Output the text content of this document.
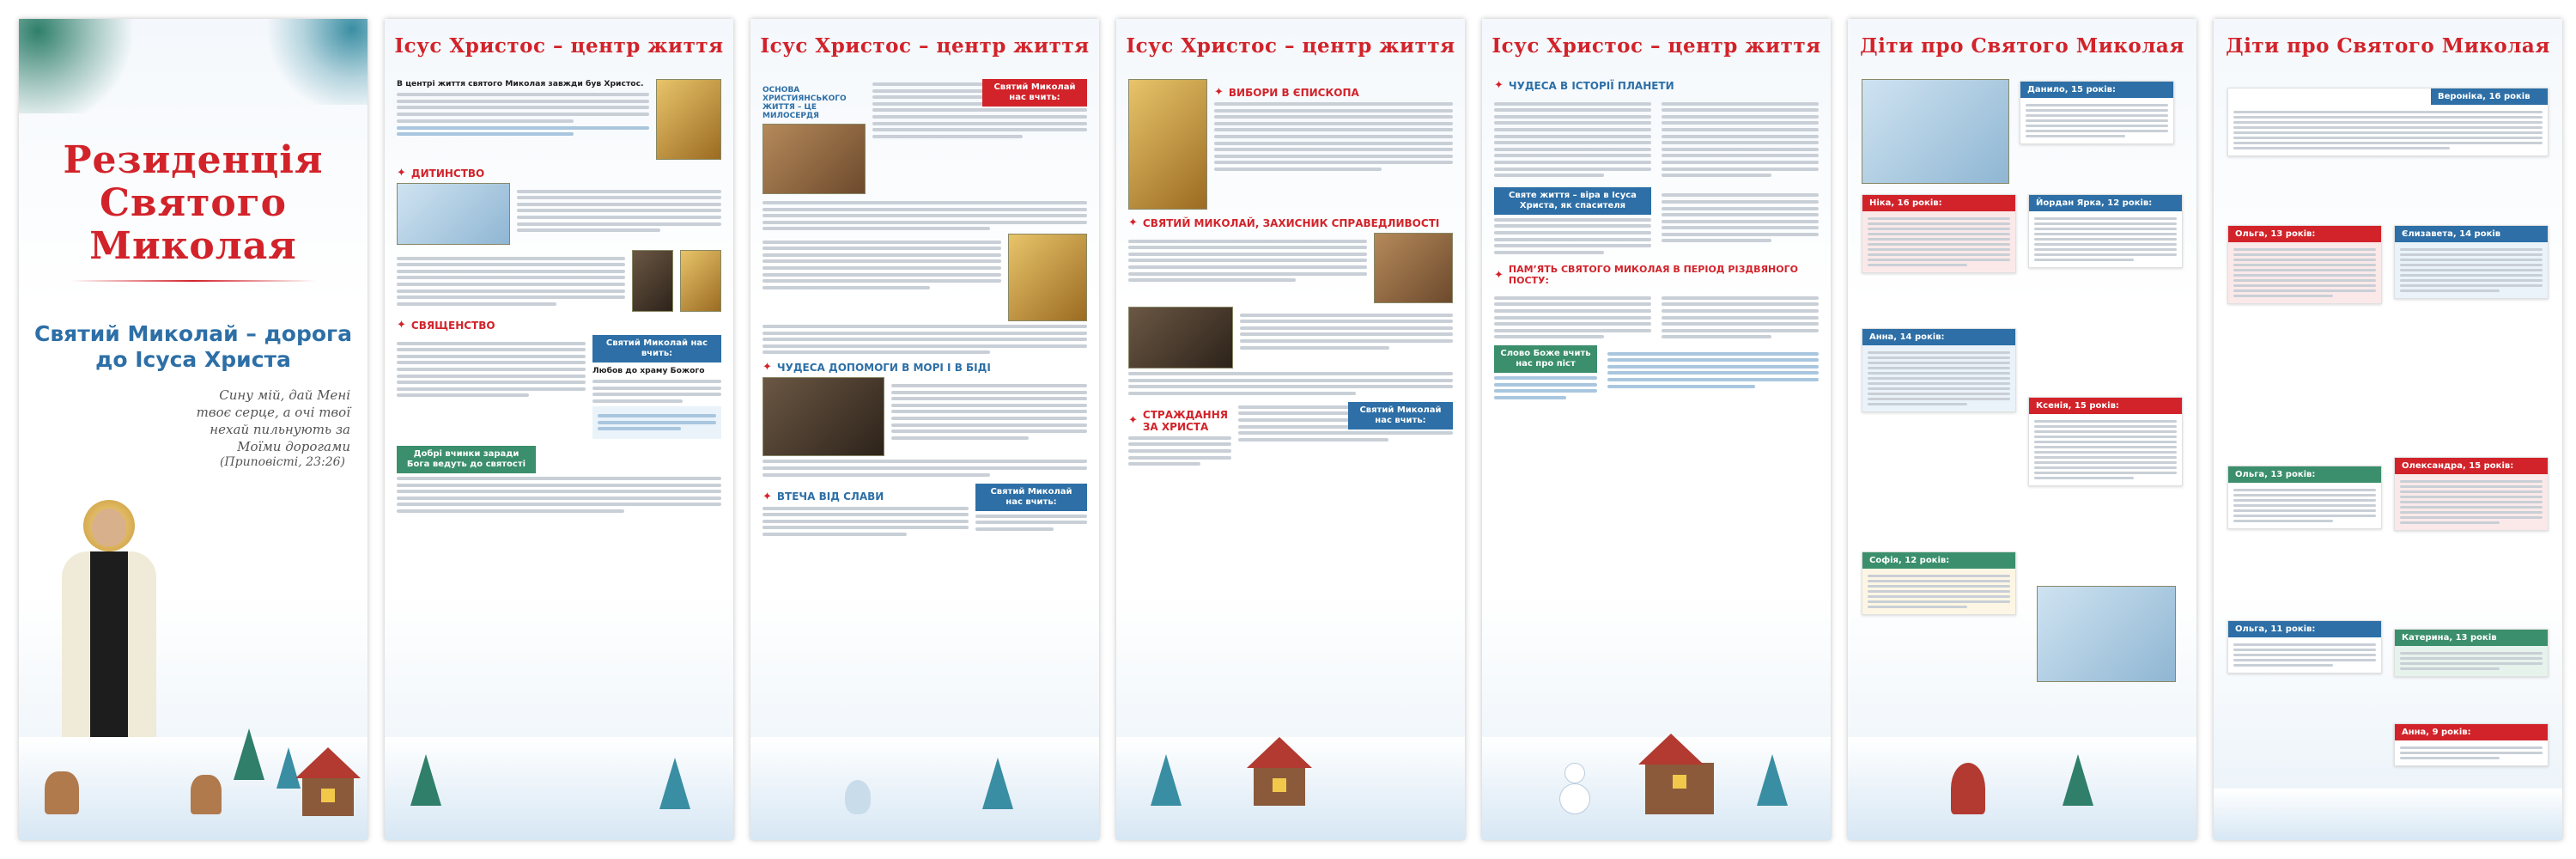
Резиденція Святого Миколая
Святий Миколай – дорога до Ісуса Христа
Сину мій, дай Мені твоє серце, а очі твої нехай пильнують за Моїми дорогами
(Приповісті, 23:26)
Ісус Христос – центр життя
В центрі життя святого Миколая завжди був Христос.
✦ ДИТИНСТВО
✦ СВЯЩЕНСТВО
Святий Миколай нас вчить:
Любов до храму Божого
Добрі вчинки заради Бога ведуть до святості
Ісус Христос – центр життя
ОСНОВА ХРИСТИЯНСЬКОГО ЖИТТЯ – ЦЕ МИЛОСЕРДЯ
Святий Миколай нас вчить:
✦ ЧУДЕСА ДОПОМОГИ В МОРІ І В БІДІ
✦ ВТЕЧА ВІД СЛАВИ	Святий Миколай нас вчить:
Ісус Христос – центр життя
✦ ВИБОРИ В ЄПИСКОПА
✦ СВЯТИЙ МИКОЛАЙ, ЗАХИСНИК СПРАВЕДЛИВОСТІ
✦ СТРАЖДАННЯ ЗА ХРИСТА
Святий Миколай нас вчить:
Ісус Христос – центр життя
✦ ЧУДЕСА В ІСТОРІЇ ПЛАНЕТИ
Святе життя – віра в Ісуса Христа, як спасителя
✦ ПАМ’ЯТЬ СВЯТОГО МИКОЛАЯ В ПЕРІОД РІЗДВЯНОГО ПОСТУ:
Слово Боже вчить нас про піст
Діти про Святого Миколая
Данило, 15 років:
Ніка, 16 років:	Йордан Ярка, 12 років:
Анна, 14 років:
Ксенія, 15 років:
Софія, 12 років:
Діти про Святого Миколая
Вероніка, 16 років
Ольга, 13 років:	Єлизавета, 14 років
Ольга, 13 років:
Олександра, 15 років:
Ольга, 11 років:
Катерина, 13 років
Анна, 9 років:
